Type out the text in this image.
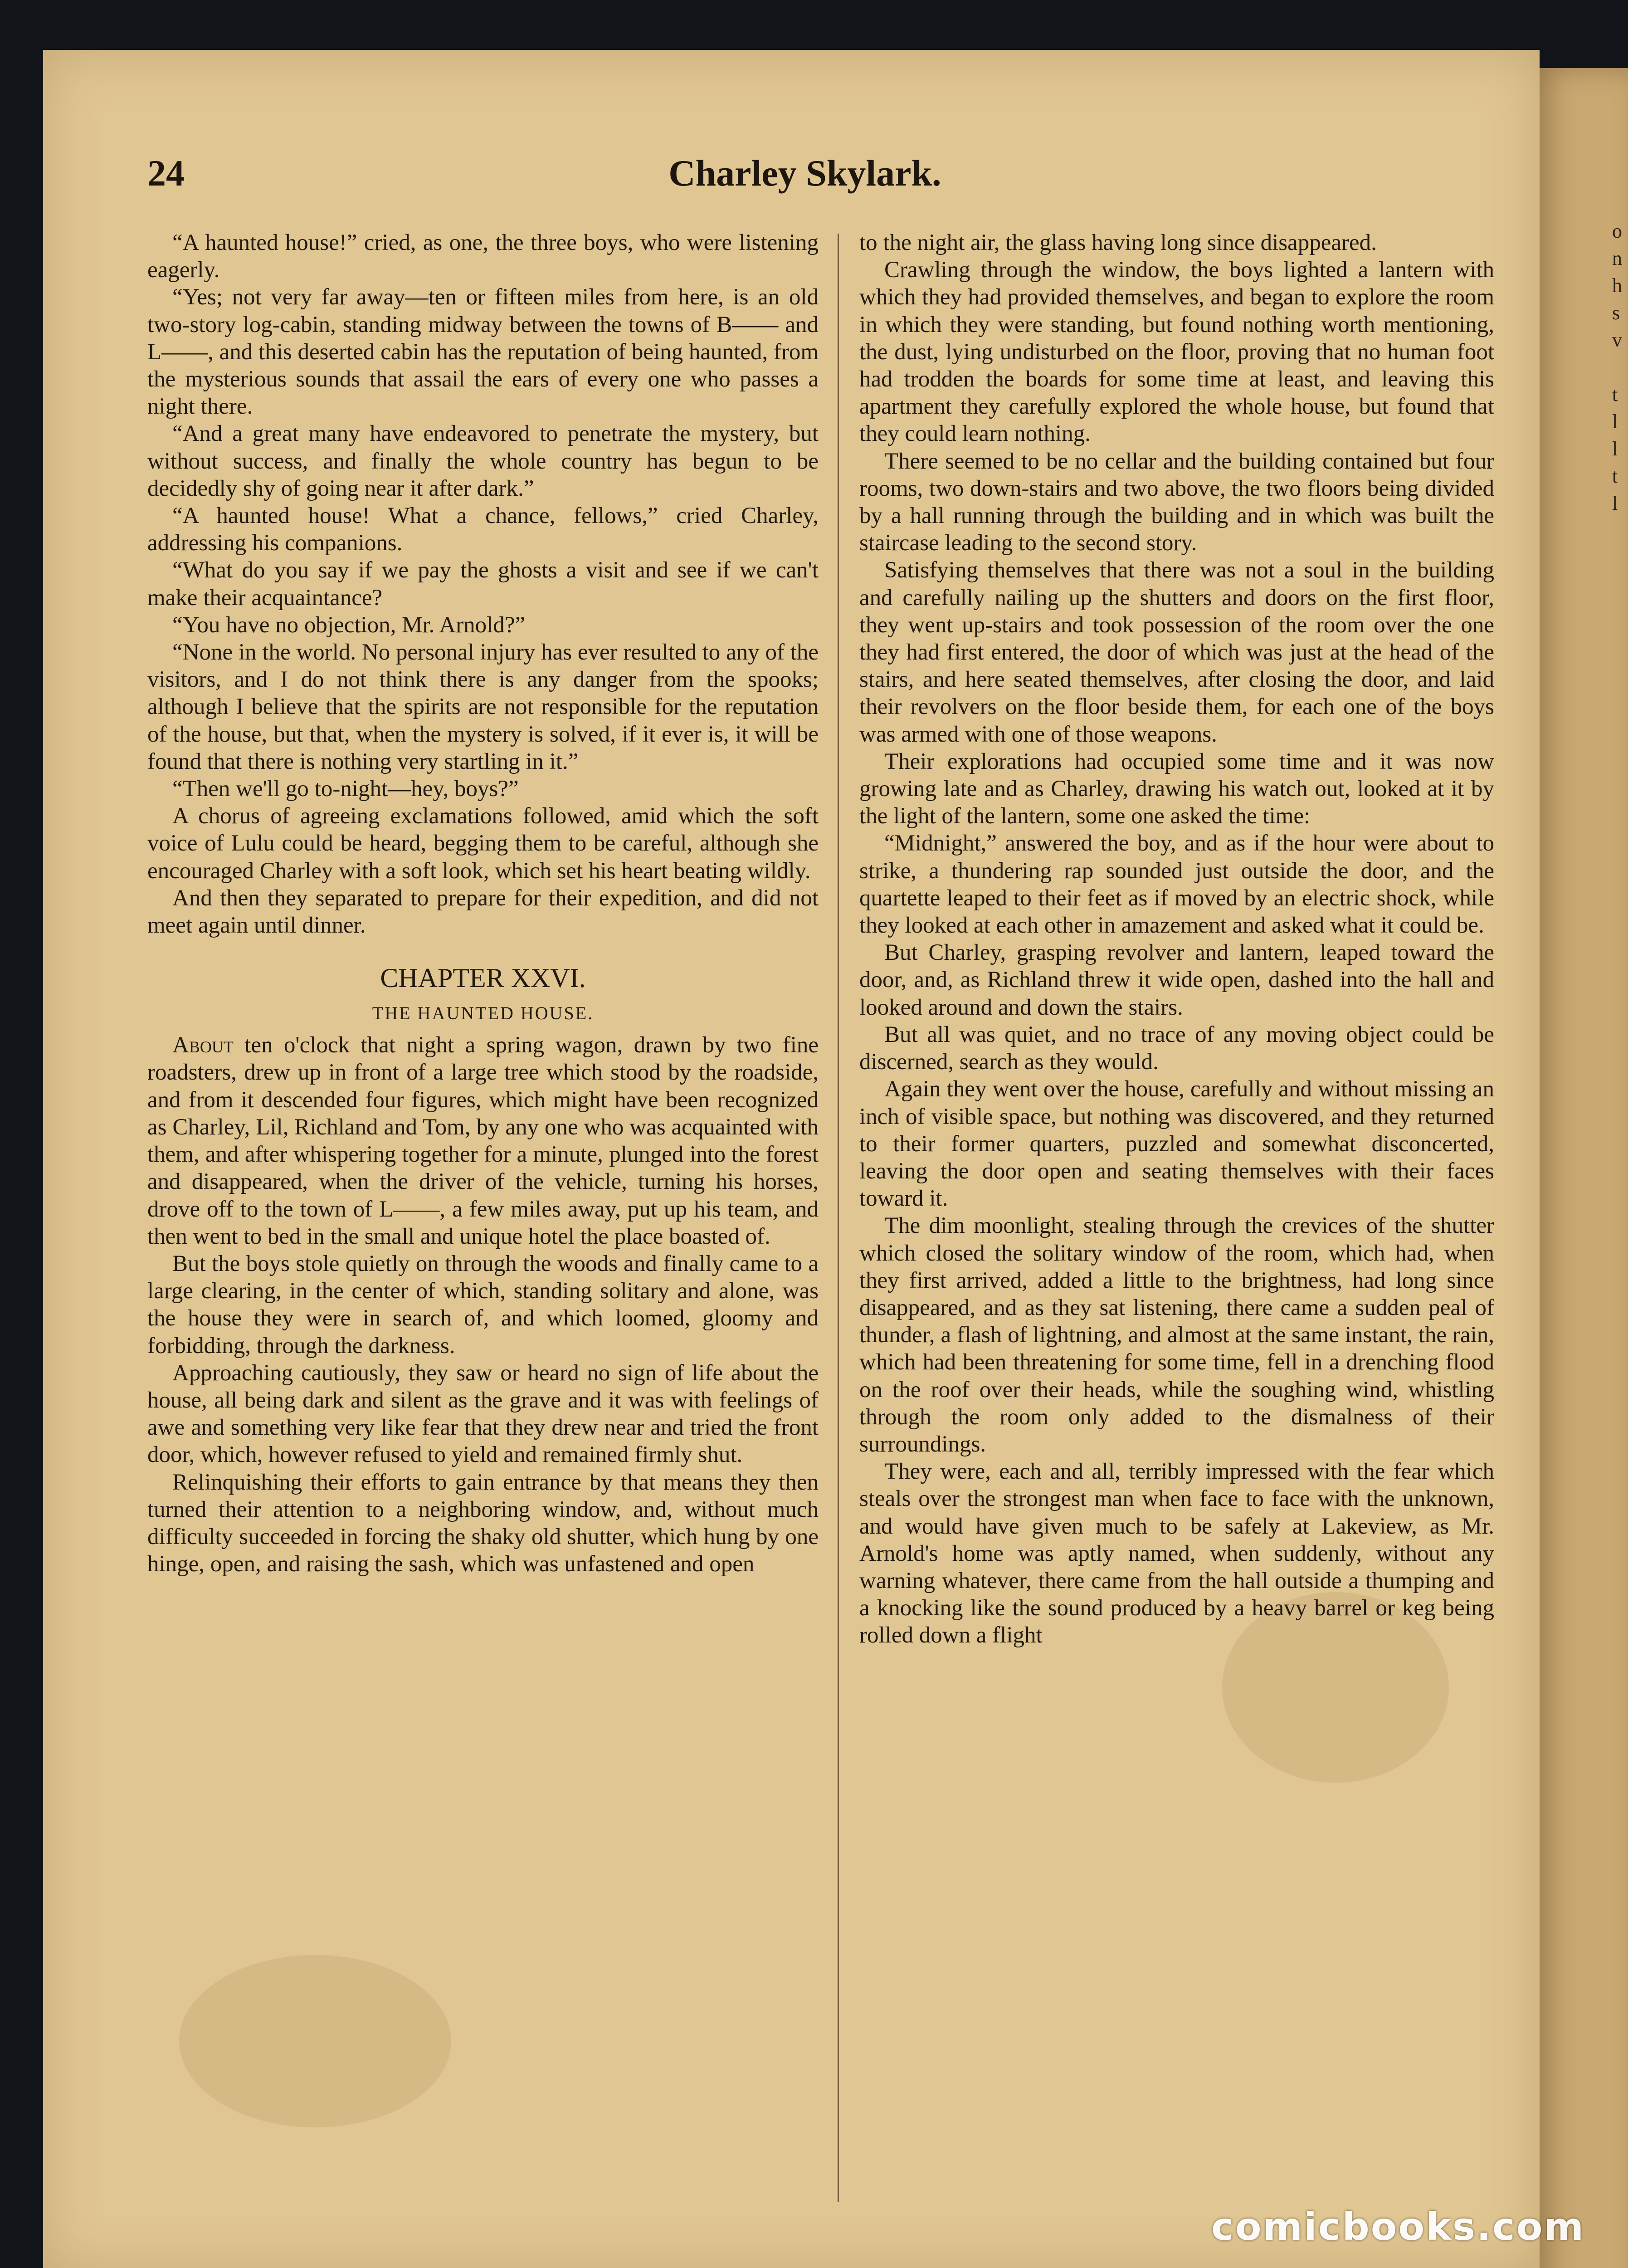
o
n
h
s
v
t
l
l
t
l
24	Charley Skylark.

“A haunted house!” cried, as one, the three boys, who were listening eagerly.

“Yes; not very far away—ten or fifteen miles from here, is an old two-story log-cabin, standing midway between the towns of B—— and L——, and this deserted cabin has the reputation of being haunted, from the mysterious sounds that assail the ears of every one who passes a night there.

“And a great many have endeavored to penetrate the mystery, but without success, and finally the whole country has begun to be decidedly shy of going near it after dark.”

“A haunted house! What a chance, fellows,” cried Charley, addressing his companions.

“What do you say if we pay the ghosts a visit and see if we can't make their acquaintance?

“You have no objection, Mr. Arnold?”

“None in the world. No personal injury has ever resulted to any of the visitors, and I do not think there is any danger from the spooks; although I believe that the spirits are not responsible for the reputation of the house, but that, when the mystery is solved, if it ever is, it will be found that there is nothing very startling in it.”

“Then we'll go to-night—hey, boys?”

A chorus of agreeing exclamations followed, amid which the soft voice of Lulu could be heard, begging them to be careful, although she encouraged Charley with a soft look, which set his heart beating wildly.

And then they separated to prepare for their expedition, and did not meet again until dinner.

CHAPTER XXVI.
THE HAUNTED HOUSE.

About ten o'clock that night a spring wagon, drawn by two fine roadsters, drew up in front of a large tree which stood by the roadside, and from it descended four figures, which might have been recognized as Charley, Lil, Richland and Tom, by any one who was acquainted with them, and after whispering together for a minute, plunged into the forest and disappeared, when the driver of the vehicle, turning his horses, drove off to the town of L——, a few miles away, put up his team, and then went to bed in the small and unique hotel the place boasted of.

But the boys stole quietly on through the woods and finally came to a large clearing, in the center of which, standing solitary and alone, was the house they were in search of, and which loomed, gloomy and forbidding, through the darkness.

Approaching cautiously, they saw or heard no sign of life about the house, all being dark and silent as the grave and it was with feelings of awe and something very like fear that they drew near and tried the front door, which, however refused to yield and remained firmly shut.

Relinquishing their efforts to gain entrance by that means they then turned their attention to a neighboring window, and, without much difficulty succeeded in forcing the shaky old shutter, which hung by one hinge, open, and raising the sash, which was unfastened and open

to the night air, the glass having long since disappeared.

Crawling through the window, the boys lighted a lantern with which they had provided themselves, and began to explore the room in which they were standing, but found nothing worth mentioning, the dust, lying undisturbed on the floor, proving that no human foot had trodden the boards for some time at least, and leaving this apartment they carefully explored the whole house, but found that they could learn nothing.

There seemed to be no cellar and the building contained but four rooms, two down-stairs and two above, the two floors being divided by a hall running through the building and in which was built the staircase leading to the second story.

Satisfying themselves that there was not a soul in the building and carefully nailing up the shutters and doors on the first floor, they went up-stairs and took possession of the room over the one they had first entered, the door of which was just at the head of the stairs, and here seated themselves, after closing the door, and laid their revolvers on the floor beside them, for each one of the boys was armed with one of those weapons.

Their explorations had occupied some time and it was now growing late and as Charley, drawing his watch out, looked at it by the light of the lantern, some one asked the time:

“Midnight,” answered the boy, and as if the hour were about to strike, a thundering rap sounded just outside the door, and the quartette leaped to their feet as if moved by an electric shock, while they looked at each other in amazement and asked what it could be.

But Charley, grasping revolver and lantern, leaped toward the door, and, as Richland threw it wide open, dashed into the hall and looked around and down the stairs.

But all was quiet, and no trace of any moving object could be discerned, search as they would.

Again they went over the house, carefully and without missing an inch of visible space, but nothing was discovered, and they returned to their former quarters, puzzled and somewhat disconcerted, leaving the door open and seating themselves with their faces toward it.

The dim moonlight, stealing through the crevices of the shutter which closed the solitary window of the room, which had, when they first arrived, added a little to the brightness, had long since disappeared, and as they sat listening, there came a sudden peal of thunder, a flash of lightning, and almost at the same instant, the rain, which had been threatening for some time, fell in a drenching flood on the roof over their heads, while the soughing wind, whistling through the room only added to the dismalness of their surroundings.

They were, each and all, terribly impressed with the fear which steals over the strongest man when face to face with the unknown, and would have given much to be safely at Lakeview, as Mr. Arnold's home was aptly named, when suddenly, without any warning whatever, there came from the hall outside a thumping and a knocking like the sound produced by a heavy barrel or keg being rolled down a flight

comicbooks.com
